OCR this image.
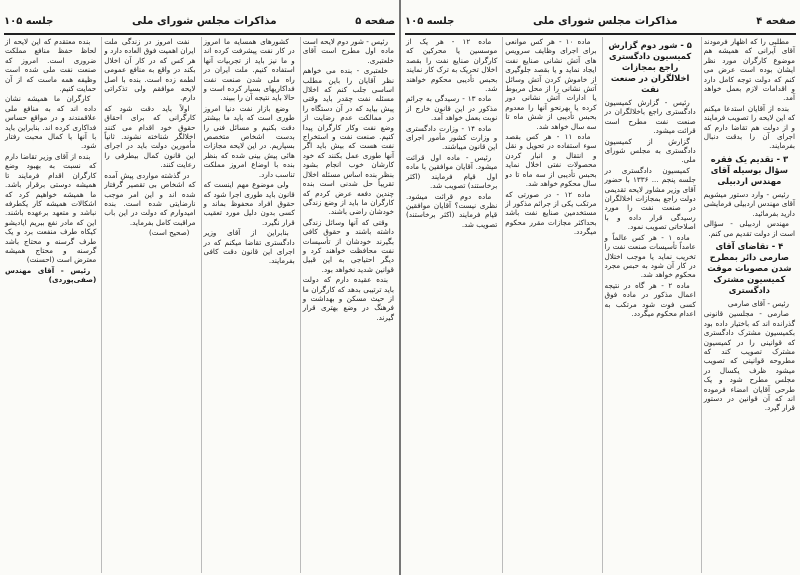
صفحه ۵
مذاکرات مجلس شورای ملی
جلسه ۱۰۵

رئیس - شور دوم لایحه است ماده اول مطرح است آقای خلعتبری.

خلعتبری - بنده می خواهم نظر آقایان را باین مطلب اساسی جلب کنم که اخلال مسئله نفت چقدر باید وقتی پیش بیاید که در آن دستگاه را در ممالکت عدم رضایت از وضع نفت وکار کارگران پیدا کنیم. صنعت نفت و استخراج نفت هست که بیش باید اگر آنها طوری عمل بکنند که خود کارشان خوب انجام بشود بنظر بنده اساس مسئله اخلال تقریباً حل شدنی است بنده چندین دفعه عرض کردم که کارگران ما باید از وضع زندگی خودشان راضی باشند.

وقتی که آنها وسائل زندگی داشته باشند و حقوق کافی بگیرند خودشان از تأسیسات نفت محافظت خواهند کرد و دیگر احتیاجی به این قبیل قوانین شدید نخواهد بود.

بنده عقیده دارم که دولت باید ترتیبی بدهد که کارگران ما از حیث مسکن و بهداشت و فرهنگ در وضع بهتری قرار گیرند.

کشورهای همسایه ما امروز در کار نفت پیشرفت کرده اند و ما نیز باید از تجربیات آنها استفاده کنیم. ملت ایران در راه ملی شدن صنعت نفت فداکاریهای بسیار کرده است و حالا باید نتیجه آن را ببیند.

وضع بازار نفت دنیا امروز طوری است که باید ما بیشتر دقت بکنیم و مسائل فنی را بدست اشخاص متخصص بسپاریم. در این لایحه مجازات هائی پیش بینی شده که بنظر بنده با اوضاع امروز مملکت تناسب دارد.

ولی موضوع مهم اینست که قانون باید طوری اجرا شود که حقوق افراد محفوظ بماند و کسی بدون دلیل مورد تعقیب قرار نگیرد.

بنابراین از آقای وزیر دادگستری تقاضا میکنم که در اجرای این قانون دقت کافی بفرمایند.

نفت امروز در زندگی ملت ایران اهمیت فوق العاده دارد و هر کس که در کار آن اخلال بکند در واقع به منافع عمومی لطمه زده است. بنده با اصل لایحه موافقم ولی تذکراتی دارم.

اولاً باید دقت شود که کارگرانی که برای احقاق حقوق خود اقدام می کنند اخلالگر شناخته نشوند. ثانیاً مأمورین دولت باید در اجرای این قانون کمال بیطرفی را رعایت کنند.

در گذشته مواردی پیش آمده که اشخاص بی تقصیر گرفتار شده اند و این امر موجب نارضایتی شده است. بنده امیدوارم که دولت در این باب مراقبت کامل بفرماید.

(صحیح است)

بنده معتقدم که این لایحه از لحاظ حفظ منافع مملکت ضروری است. امروز که صنعت نفت ملی شده است وظیفه همه ماست که از آن حمایت کنیم.

کارگران ما همیشه نشان داده اند که به منافع ملی علاقمندند و در مواقع حساس فداکاری کرده اند. بنابراین باید با آنها با کمال محبت رفتار شود.

بنده از آقای وزیر تقاضا دارم که نسبت به بهبود وضع کارگران اقدام فرمایند تا همیشه دوستی برقرار باشد. ما همیشه خواهیم کرد که اشکالات همیشه کار یکطرفه نباشد و متعهد برعهده باشند. این که مادر نفع ببریم ایادیشو کیکاه طرف منفعت برد و یک طرف گرسنه و محتاج باشد گرسنه و محتاج همیشه معترض است (احسنت)

رئیس - آقای مهندس (صفی‌پوردی)

صفحه ۴
مذاکرات مجلس شورای ملی
جلسه ۱۰۵

مطلبی را که اظهار فرمودند آقای آیرانی که همیشه هم موضوع کارگران مورد نظر ایشان بوده است عرض می کنم که دولت توجه کامل دارد و اقدامات لازم بعمل خواهد آمد.

بنده از آقایان استدعا میکنم که این لایحه را تصویب فرمایند و از دولت هم تقاضا دارم که اجرای آن را بدقت دنبال بفرمایند.

۳ - تقدیم یک فقره سؤال بوسیله آقای مهندس اردبیلی

رئیس - وارد دستور میشویم آقای مهندس اردبیلی فرمایشی دارید بفرمائید.

مهندس اردبیلی - سؤالی است از دولت تقدیم می کنم.

۴ - تقاضای آقای صارمی دائر بمطرح شدن مصوبات موقت کمیسیون مشترک دادگستری

رئیس - آقای صارمی

صارمی - مجلسین قانونی گذرانده اند که باختیار داده بود بکمیسیون مشترک دادگستری که قوانینی را در کمیسیون مشترک تصویب کند که مطروحه قوانینی که تصویب میشود ظرف یکسال در مجلس مطرح شود و یک طرحی آقایان امضاء فرموده اند که آن قوانین در دستور قرار گیرد.

۵ - شور دوم گزارش کمیسیون دادگستری راجع بمجازات اخلالگران در صنعت نفت

رئیس - گزارش کمیسیون دادگستری راجع باخلالگران در صنعت نفت مطرح است قرائت میشود.

گزارش از کمیسیون دادگستری به مجلس شورای ملی.

کمیسیون دادگستری در جلسه پنجم ... ۱۳۳۶ با حضور آقای وزیر مشاور لایحه تقدیمی دولت راجع بمجازات اخلالگران در صنعت نفت را مورد رسیدگی قرار داده و با اصلاحاتی تصویب نمود.

ماده ۱ - هر کس عالماً و عامداً تأسیسات صنعت نفت را تخریب نماید یا موجب اختلال در کار آن شود به حبس مجرد محکوم خواهد شد.

ماده ۲ - هر گاه در نتیجه اعمال مذکور در ماده فوق کسی فوت شود مرتکب به اعدام محکوم میگردد.

ماده ۱۰ - هر کس موانعی برای اجرای وظایف سرویس های آتش نشانی صنایع نفت ایجاد نماید و یا بقصد جلوگیری از خاموش کردن آتش وسائل آتش نشانی را از محل مربوط یا ادارات آتش نشانی دور کرده یا بهرنحو آنها را معدوم بحبس تأدیبی از شش ماه تا سه سال خواهد شد.

ماده ۱۱ - هر کس بقصد سوء استفاده در تحویل و نقل و انتقال و انبار کردن محصولات نفتی اخلال نماید بحبس تأدیبی از سه ماه تا دو سال محکوم خواهد شد.

ماده ۱۲ - در صورتی که مرتکب یکی از جرائم مذکور از مستخدمین صنایع نفت باشد بحداکثر مجازات مقرر محکوم میگردد.

ماده ۱۲ - هر یک از موسسین یا محرکین که کارگران صنایع نفت را بقصد اخلال تحریک به ترک کار نمایند بحبس تأدیبی محکوم خواهند شد.

ماده ۱۳ - رسیدگی به جرائم مذکور در این قانون خارج از نوبت بعمل خواهد آمد.

ماده ۱۴ - وزارت دادگستری و وزارت کشور مأمور اجرای این قانون میباشند.

رئیس - ماده اول قرائت میشود. آقایان موافقین با ماده اول قیام فرمایند (اکثر برخاستند) تصویب شد.

ماده دوم قرائت میشود. نظری نیست؟ آقایان موافقین قیام فرمایند (اکثر برخاستند) تصویب شد.
